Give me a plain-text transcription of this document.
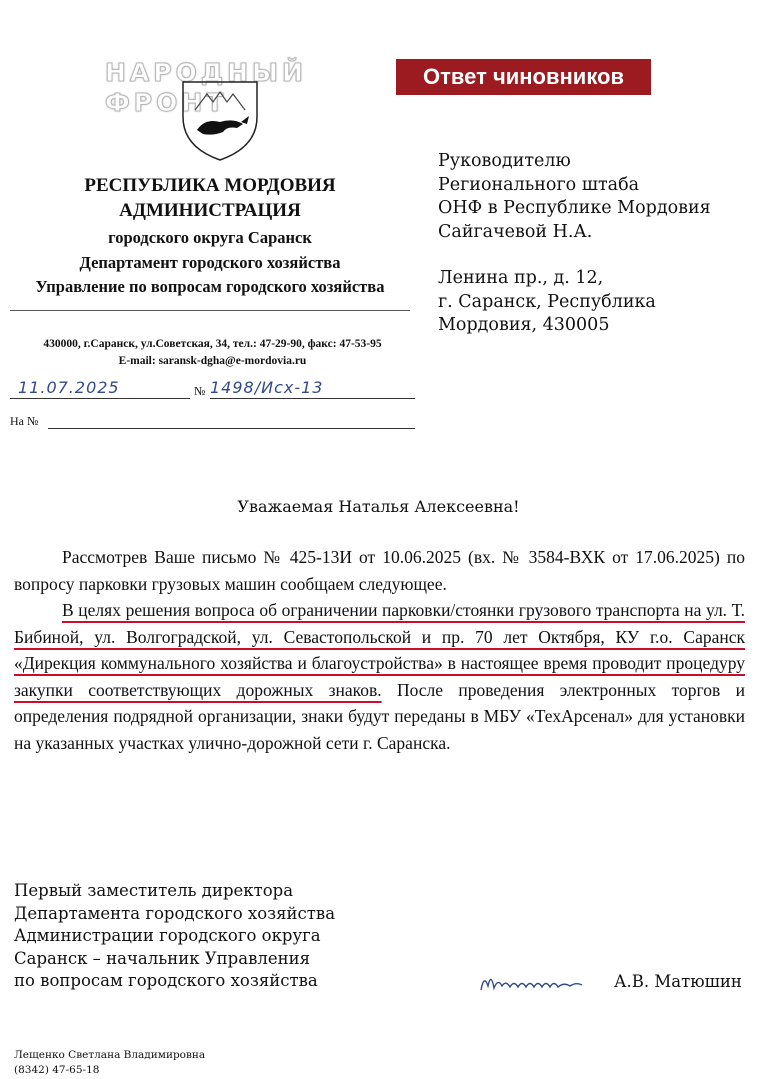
НАРОДНЫЙ
ФРОНТ
Ответ чиновников
РЕСПУБЛИКА МОРДОВИЯ
АДМИНИСТРАЦИЯ
городского округа Саранск
Департамент городского хозяйства
Управление по вопросам городского хозяйства
430000, г.Саранск, ул.Советская, 34, тел.: 47-29-90, факс: 47-53-95
E-mail: saransk-dgha@e-mordovia.ru
11.07.2025	№ 1498/Исх-13
На №
Руководителю
Регионального штаба
ОНФ в Республике Мордовия
Сайгачевой Н.А.
Ленина пр., д. 12,
г. Саранск, Республика
Мордовия, 430005
Уважаемая Наталья Алексеевна!

Рассмотрев Ваше письмо № 425-13И от 10.06.2025 (вх. № 3584-ВХК от 17.06.2025) по вопросу парковки грузовых машин сообщаем следующее.

В целях решения вопроса об ограничении парковки/стоянки грузового транспорта на ул. Т. Бибиной, ул. Волгоградской, ул. Севастопольской и пр. 70 лет Октября, КУ г.о. Саранск «Дирекция коммунального хозяйства и благоустройства» в настоящее время проводит процедуру закупки соответствующих дорожных знаков. После проведения электронных торгов и определения подрядной организации, знаки будут переданы в МБУ «ТехАрсенал» для установки на указанных участках улично-дорожной сети г. Саранска.

Первый заместитель директора
Департамента городского хозяйства
Администрации городского округа
Саранск – начальник Управления
по вопросам городского хозяйства	А.В. Матюшин
Лещенко Светлана Владимировна
(8342) 47-65-18
